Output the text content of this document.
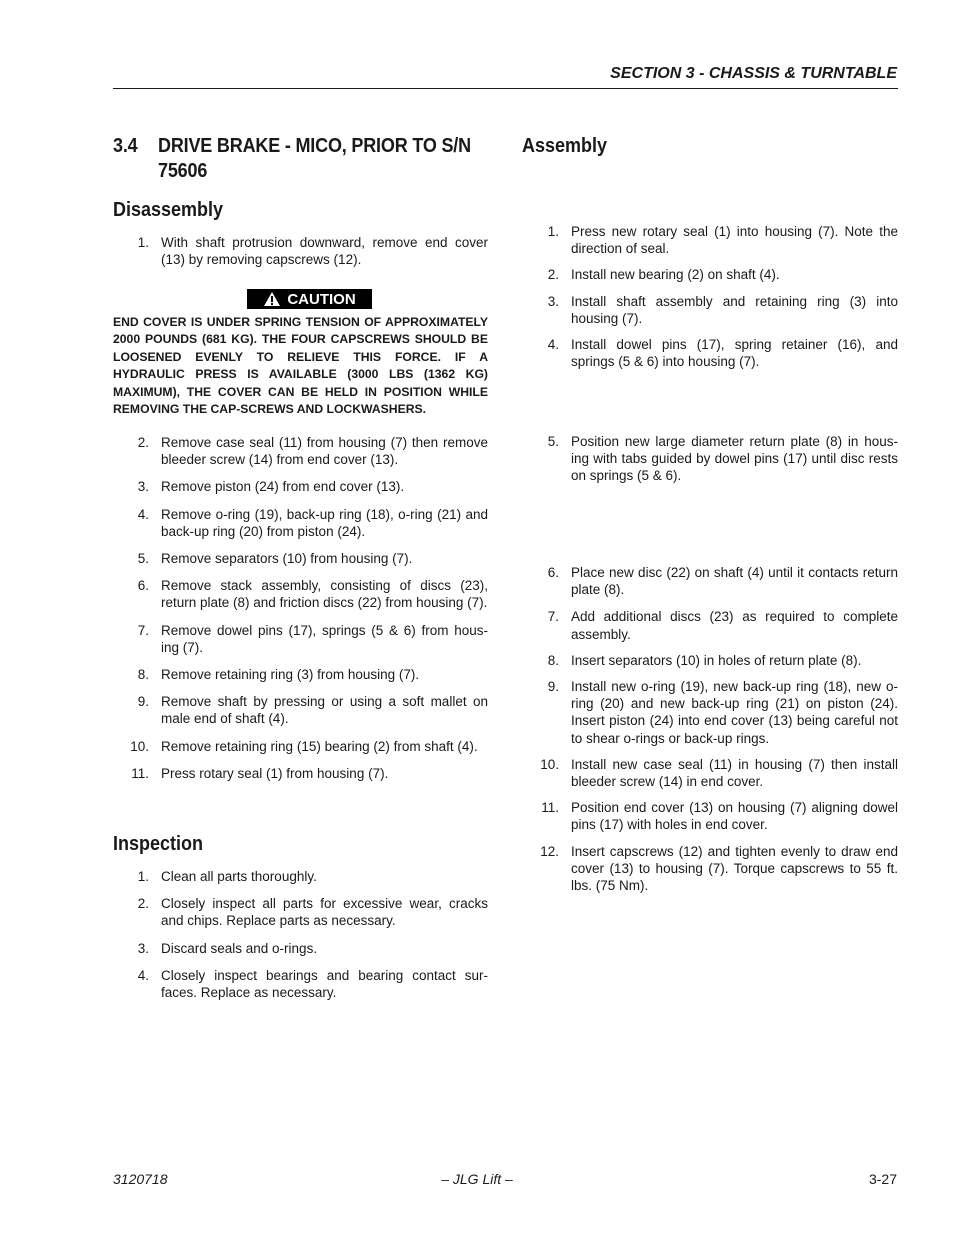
SECTION 3 - CHASSIS & TURNTABLE
3.4 DRIVE BRAKE - MICO, PRIOR TO S/N
75606
Disassembly
1. With shaft protrusion downward, remove end cover (13) by removing capscrews (12).
CAUTION
END COVER IS UNDER SPRING TENSION OF APPROXIMATELY 2000 POUNDS (681 KG). THE FOUR CAPSCREWS SHOULD BE LOOSENED EVENLY TO RELIEVE THIS FORCE. IF A HYDRAULIC PRESS IS AVAILABLE (3000 LBS (1362 KG) MAXIMUM), THE COVER CAN BE HELD IN POSITION WHILE REMOVING THE CAP-SCREWS AND LOCKWASHERS.
2. Remove case seal (11) from housing (7) then remove bleeder screw (14) from end cover (13).
3. Remove piston (24) from end cover (13).
4. Remove o-ring (19), back-up ring (18), o-ring (21) and back-up ring (20) from piston (24).
5. Remove separators (10) from housing (7).
6. Remove stack assembly, consisting of discs (23), return plate (8) and friction discs (22) from housing (7).
7. Remove dowel pins (17), springs (5 & 6) from hous-ing (7).
8. Remove retaining ring (3) from housing (7).
9. Remove shaft by pressing or using a soft mallet on male end of shaft (4).
10. Remove retaining ring (15) bearing (2) from shaft (4).
11. Press rotary seal (1) from housing (7).
Inspection
1. Clean all parts thoroughly.
2. Closely inspect all parts for excessive wear, cracks and chips. Replace parts as necessary.
3. Discard seals and o-rings.
4. Closely inspect bearings and bearing contact sur-faces. Replace as necessary.
Assembly
1. Press new rotary seal (1) into housing (7). Note the direction of seal.
2. Install new bearing (2) on shaft (4).
3. Install shaft assembly and retaining ring (3) into housing (7).
4. Install dowel pins (17), spring retainer (16), and springs (5 & 6) into housing (7).
5. Position new large diameter return plate (8) in hous-ing with tabs guided by dowel pins (17) until disc rests on springs (5 & 6).
6. Place new disc (22) on shaft (4) until it contacts return plate (8).
7. Add additional discs (23) as required to complete assembly.
8. Insert separators (10) in holes of return plate (8).
9. Install new o-ring (19), new back-up ring (18), new o-ring (20) and new back-up ring (21) on piston (24). Insert piston (24) into end cover (13) being careful not to shear o-rings or back-up rings.
10. Install new case seal (11) in housing (7) then install bleeder screw (14) in end cover.
11. Position end cover (13) on housing (7) aligning dowel pins (17) with holes in end cover.
12. Insert capscrews (12) and tighten evenly to draw end cover (13) to housing (7). Torque capscrews to 55 ft. lbs. (75 Nm).
3120718	– JLG Lift –	3-27
